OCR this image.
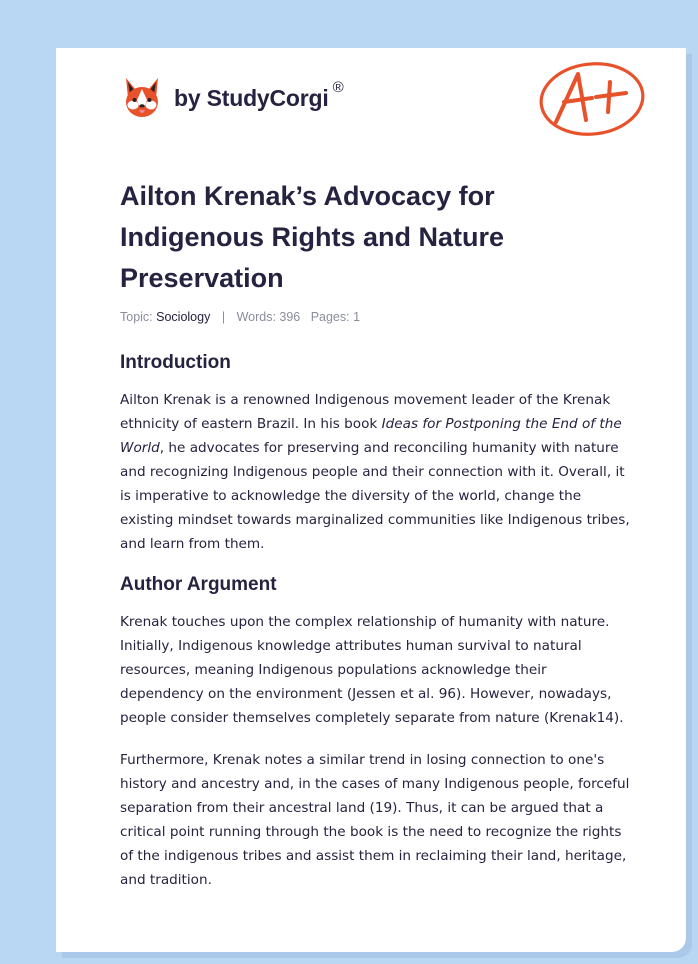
by StudyCorgi ®
Ailton Krenak’s Advocacy for Indigenous Rights and Nature Preservation
Topic: Sociology | Words: 396 Pages: 1
Introduction

Ailton Krenak is a renowned Indigenous movement leader of the Krenak ethnicity of eastern Brazil. In his book Ideas for Postponing the End of the World, he advocates for preserving and reconciling humanity with nature and recognizing Indigenous people and their connection with it. Overall, it is imperative to acknowledge the diversity of the world, change the existing mindset towards marginalized communities like Indigenous tribes, and learn from them.

Author Argument

Krenak touches upon the complex relationship of humanity with nature. Initially, Indigenous knowledge attributes human survival to natural resources, meaning Indigenous populations acknowledge their dependency on the environment (Jessen et al. 96). However, nowadays, people consider themselves completely separate from nature (Krenak14).

Furthermore, Krenak notes a similar trend in losing connection to one's history and ancestry and, in the cases of many Indigenous people, forceful separation from their ancestral land (19). Thus, it can be argued that a critical point running through the book is the need to recognize the rights of the indigenous tribes and assist them in reclaiming their land, heritage, and tradition.
